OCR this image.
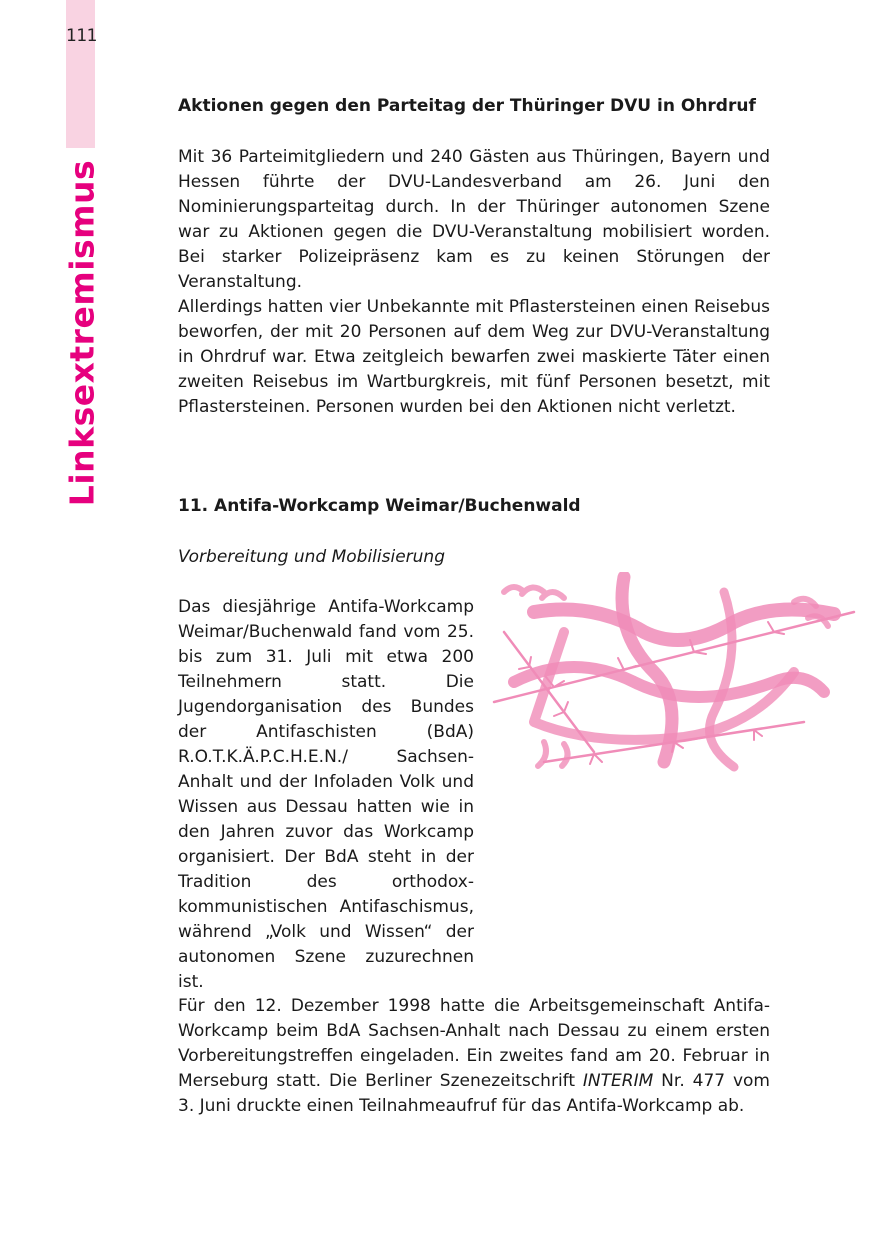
111
Linksextremismus
Aktionen gegen den Parteitag der Thüringer DVU in Ohrdruf

Mit 36 Parteimitgliedern und 240 Gästen aus Thüringen, Bayern und Hessen führte der DVU-Landesverband am 26. Juni den Nominierungsparteitag durch. In der Thüringer autonomen Szene war zu Aktionen gegen die DVU-Veranstaltung mobilisiert worden. Bei starker Polizeipräsenz kam es zu keinen Störungen der Veranstaltung.

Allerdings hatten vier Unbekannte mit Pflastersteinen einen Reisebus beworfen, der mit 20 Personen auf dem Weg zur DVU-Veranstaltung in Ohrdruf war. Etwa zeitgleich bewarfen zwei maskierte Täter einen zweiten Reisebus im Wartburgkreis, mit fünf Personen besetzt, mit Pflastersteinen. Personen wurden bei den Aktionen nicht verletzt.

11. Antifa-Workcamp Weimar/Buchenwald

Vorbereitung und Mobilisierung

Das diesjährige Antifa-Workcamp Weimar/Buchenwald fand vom 25. bis zum 31. Juli mit etwa 200 Teilnehmern statt. Die Jugendorganisation des Bundes der Antifaschisten (BdA) R.O.T.K.Ä.P.C.H.E.N./ Sachsen-Anhalt und der Infoladen Volk und Wissen aus Dessau hatten wie in den Jahren zuvor das Workcamp organisiert. Der BdA steht in der Tradition des orthodox-kommunistischen Antifaschismus, während „Volk und Wissen“ der autonomen Szene zuzurechnen ist.

Für den 12. Dezember 1998 hatte die Arbeitsgemeinschaft Antifa-Workcamp beim BdA Sachsen-Anhalt nach Dessau zu einem ersten Vorbereitungstreffen eingeladen. Ein zweites fand am 20. Februar in Merseburg statt. Die Berliner Szenezeitschrift INTERIM Nr. 477 vom 3. Juni druckte einen Teilnahmeaufruf für das Antifa-Workcamp ab.
